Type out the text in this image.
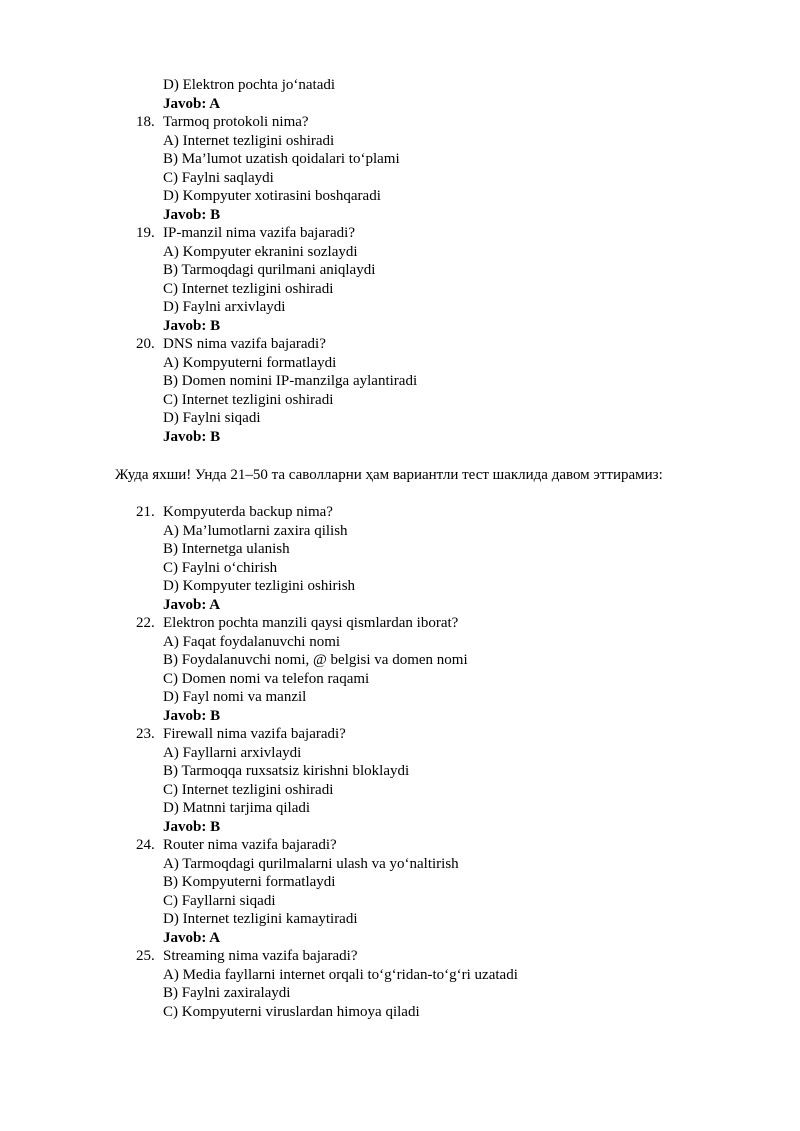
D) Elektron pochta jo‘natadi
Javob: A
18. Tarmoq protokoli nima?
A) Internet tezligini oshiradi
B) Ma’lumot uzatish qoidalari to‘plami
C) Faylni saqlaydi
D) Kompyuter xotirasini boshqaradi
Javob: B
19. IP-manzil nima vazifa bajaradi?
A) Kompyuter ekranini sozlaydi
B) Tarmoqdagi qurilmani aniqlaydi
C) Internet tezligini oshiradi
D) Faylni arxivlaydi
Javob: B
20. DNS nima vazifa bajaradi?
A) Kompyuterni formatlaydi
B) Domen nomini IP-manzilga aylantiradi
C) Internet tezligini oshiradi
D) Faylni siqadi
Javob: B
Жуда яхши! Унда 21–50 та саволларни ҳам вариантли тест шаклида давом эттирамиз:
21. Kompyuterda backup nima?
A) Ma’lumotlarni zaxira qilish
B) Internetga ulanish
C) Faylni o‘chirish
D) Kompyuter tezligini oshirish
Javob: A
22. Elektron pochta manzili qaysi qismlardan iborat?
A) Faqat foydalanuvchi nomi
B) Foydalanuvchi nomi, @ belgisi va domen nomi
C) Domen nomi va telefon raqami
D) Fayl nomi va manzil
Javob: B
23. Firewall nima vazifa bajaradi?
A) Fayllarni arxivlaydi
B) Tarmoqqa ruxsatsiz kirishni bloklaydi
C) Internet tezligini oshiradi
D) Matnni tarjima qiladi
Javob: B
24. Router nima vazifa bajaradi?
A) Tarmoqdagi qurilmalarni ulash va yo‘naltirish
B) Kompyuterni formatlaydi
C) Fayllarni siqadi
D) Internet tezligini kamaytiradi
Javob: A
25. Streaming nima vazifa bajaradi?
A) Media fayllarni internet orqali to‘g‘ridan-to‘g‘ri uzatadi
B) Faylni zaxiralaydi
C) Kompyuterni viruslardan himoya qiladi
